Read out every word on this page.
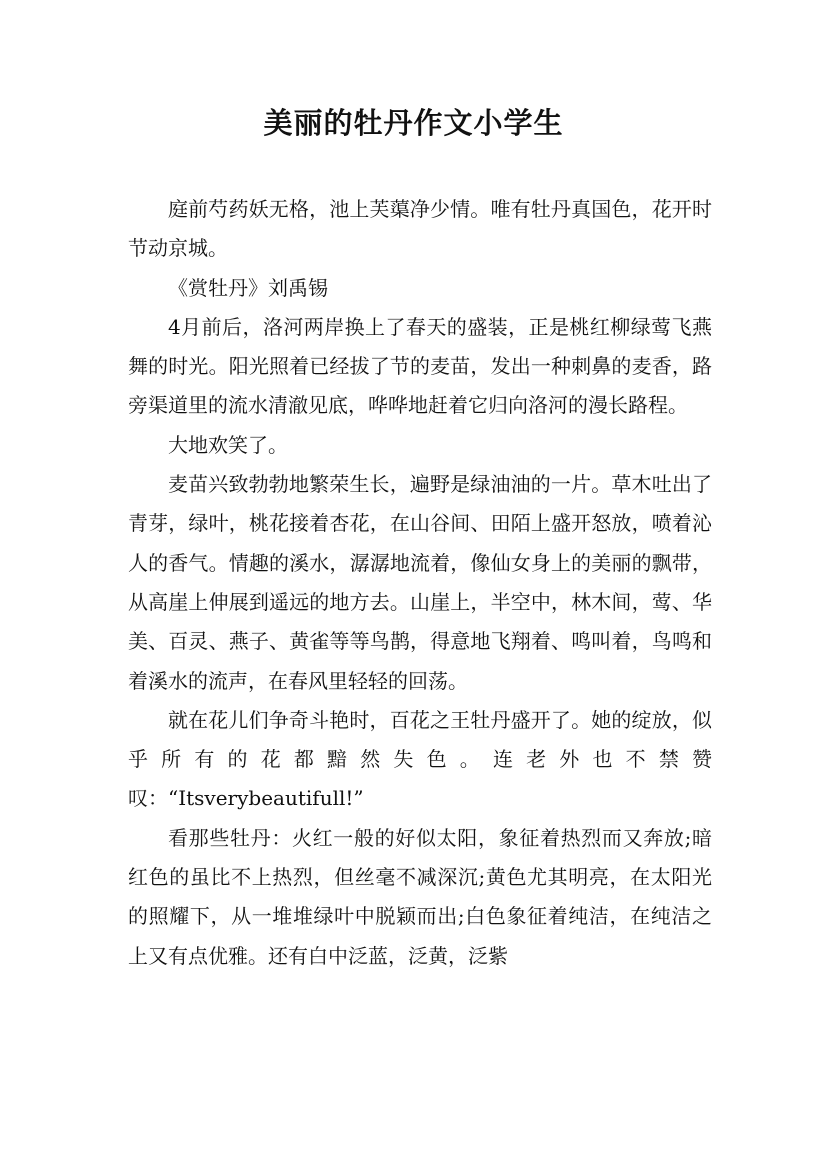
美丽的牡丹作文小学生

庭前芍药妖无格，池上芙蕖净少情。唯有牡丹真国色，花开时节动京城。

《赏牡丹》刘禹锡

4月前后，洛河两岸换上了春天的盛装，正是桃红柳绿莺飞燕舞的时光。阳光照着已经拔了节的麦苗，发出一种刺鼻的麦香，路旁渠道里的流水清澈见底，哗哗地赶着它归向洛河的漫长路程。

大地欢笑了。

麦苗兴致勃勃地繁荣生长，遍野是绿油油的一片。草木吐出了青芽，绿叶，桃花接着杏花，在山谷间、田陌上盛开怒放，喷着沁人的香气。情趣的溪水，潺潺地流着，像仙女身上的美丽的飘带，从高崖上伸展到遥远的地方去。山崖上，半空中，林木间，莺、华美、百灵、燕子、黄雀等等鸟鹊，得意地飞翔着、鸣叫着，鸟鸣和着溪水的流声，在春风里轻轻的回荡。

就在花儿们争奇斗艳时，百花之王牡丹盛开了。她的绽放，似乎所有的花都黯然失色。连老外也不禁赞叹：“Itsverybeautifull!”

看那些牡丹：火红一般的好似太阳，象征着热烈而又奔放;暗红色的虽比不上热烈，但丝毫不减深沉;黄色尤其明亮，在太阳光的照耀下，从一堆堆绿叶中脱颖而出;白色象征着纯洁，在纯洁之上又有点优雅。还有白中泛蓝，泛黄，泛紫
